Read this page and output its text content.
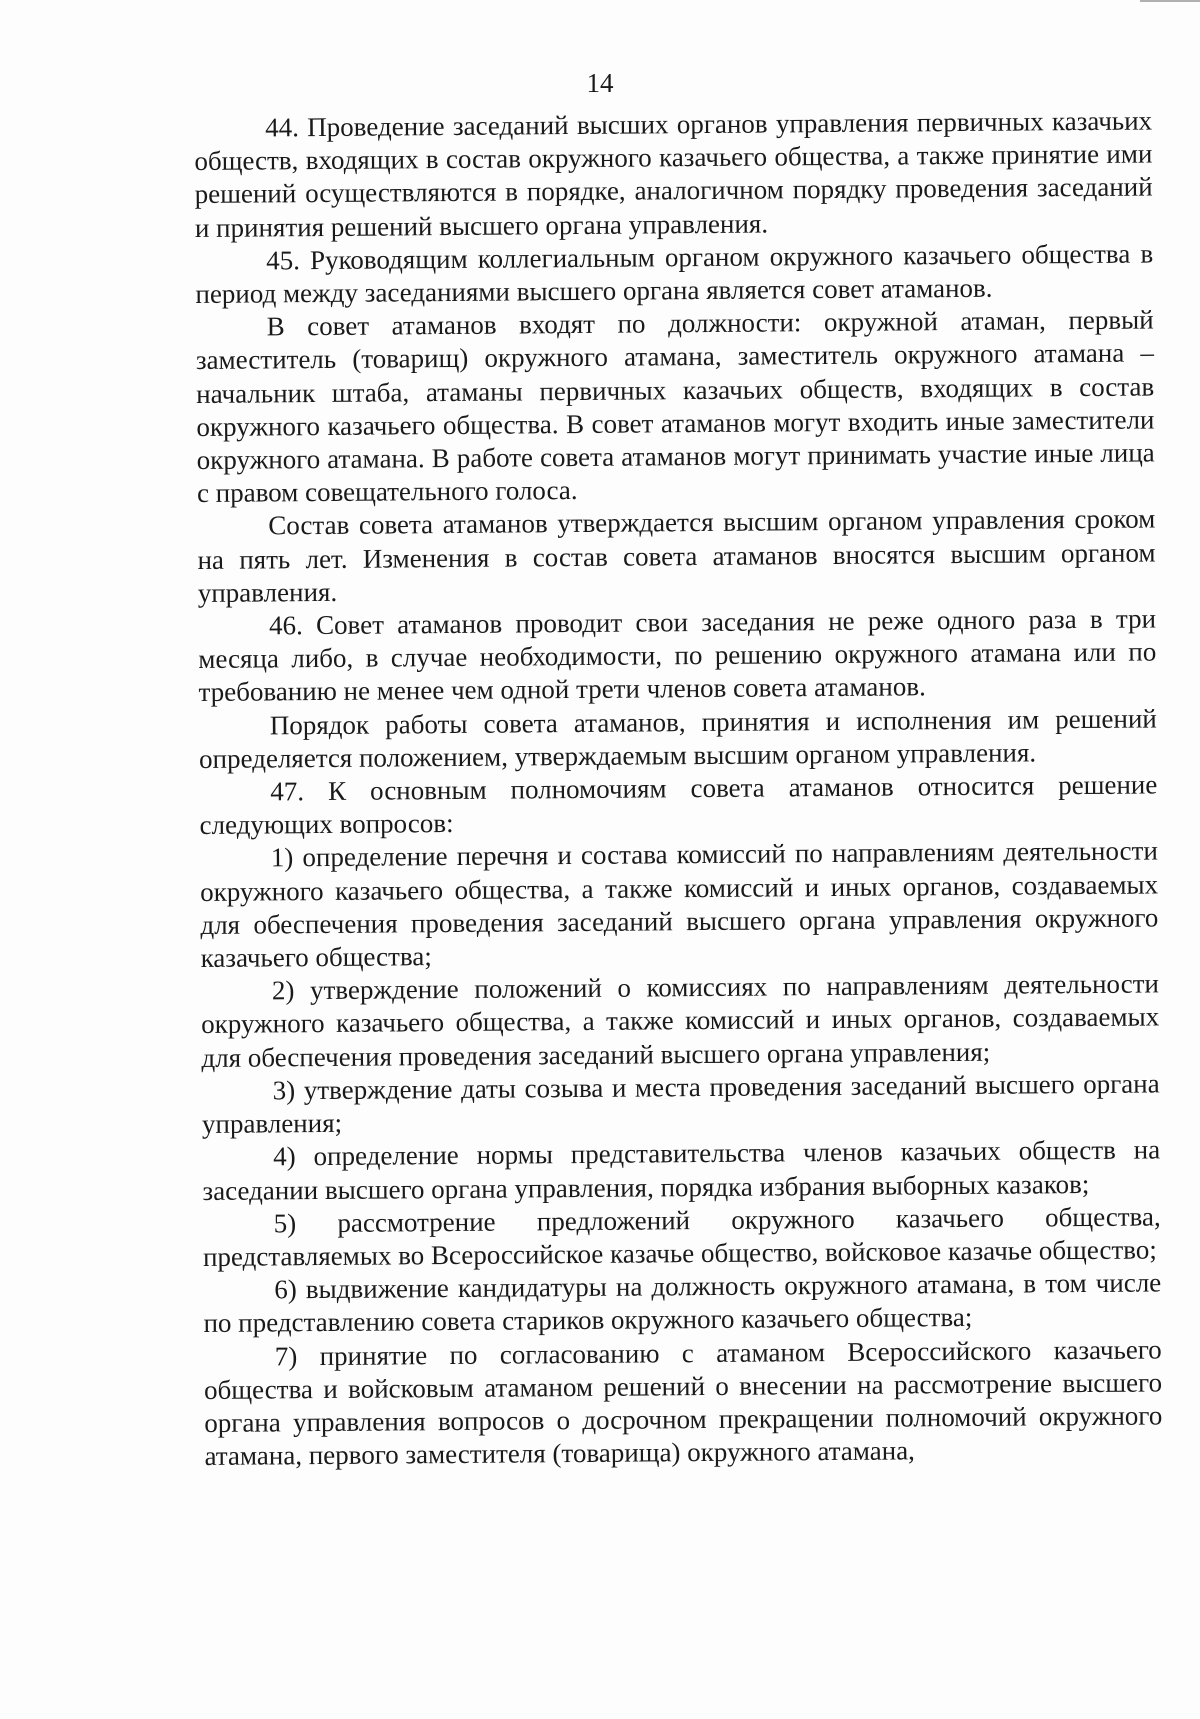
14

44. Проведение заседаний высших органов управления первичных казачьих обществ, входящих в состав окружного казачьего общества, а также принятие ими решений осуществляются в порядке, аналогичном порядку проведения заседаний и принятия решений высшего органа управления.

45. Руководящим коллегиальным органом окружного казачьего общества в период между заседаниями высшего органа является совет атаманов.

В совет атаманов входят по должности: окружной атаман, первый заместитель (товарищ) окружного атамана, заместитель окружного атамана – начальник штаба, атаманы первичных казачьих обществ, входящих в состав окружного казачьего общества. В совет атаманов могут входить иные заместители окружного атамана. В работе совета атаманов могут принимать участие иные лица с правом совещательного голоса.

Состав совета атаманов утверждается высшим органом управления сроком на пять лет. Изменения в состав совета атаманов вносятся высшим органом управления.

46. Совет атаманов проводит свои заседания не реже одного раза в три месяца либо, в случае необходимости, по решению окружного атамана или по требованию не менее чем одной трети членов совета атаманов.

Порядок работы совета атаманов, принятия и исполнения им решений определяется положением, утверждаемым высшим органом управления.

47. К основным полномочиям совета атаманов относится решение следующих вопросов:

1) определение перечня и состава комиссий по направлениям деятельности окружного казачьего общества, а также комиссий и иных органов, создаваемых для обеспечения проведения заседаний высшего органа управления окружного казачьего общества;

2) утверждение положений о комиссиях по направлениям деятельности окружного казачьего общества, а также комиссий и иных органов, создаваемых для обеспечения проведения заседаний высшего органа управления;

3) утверждение даты созыва и места проведения заседаний высшего органа управления;

4) определение нормы представительства членов казачьих обществ на заседании высшего органа управления, порядка избрания выборных казаков;

5) рассмотрение предложений окружного казачьего общества, представляемых во Всероссийское казачье общество, войсковое казачье общество;

6) выдвижение кандидатуры на должность окружного атамана, в том числе по представлению совета стариков окружного казачьего общества;

7) принятие по согласованию с атаманом Всероссийского казачьего общества и войсковым атаманом решений о внесении на рассмотрение высшего органа управления вопросов о досрочном прекращении полномочий окружного атамана, первого заместителя (товарища) окружного атамана,
